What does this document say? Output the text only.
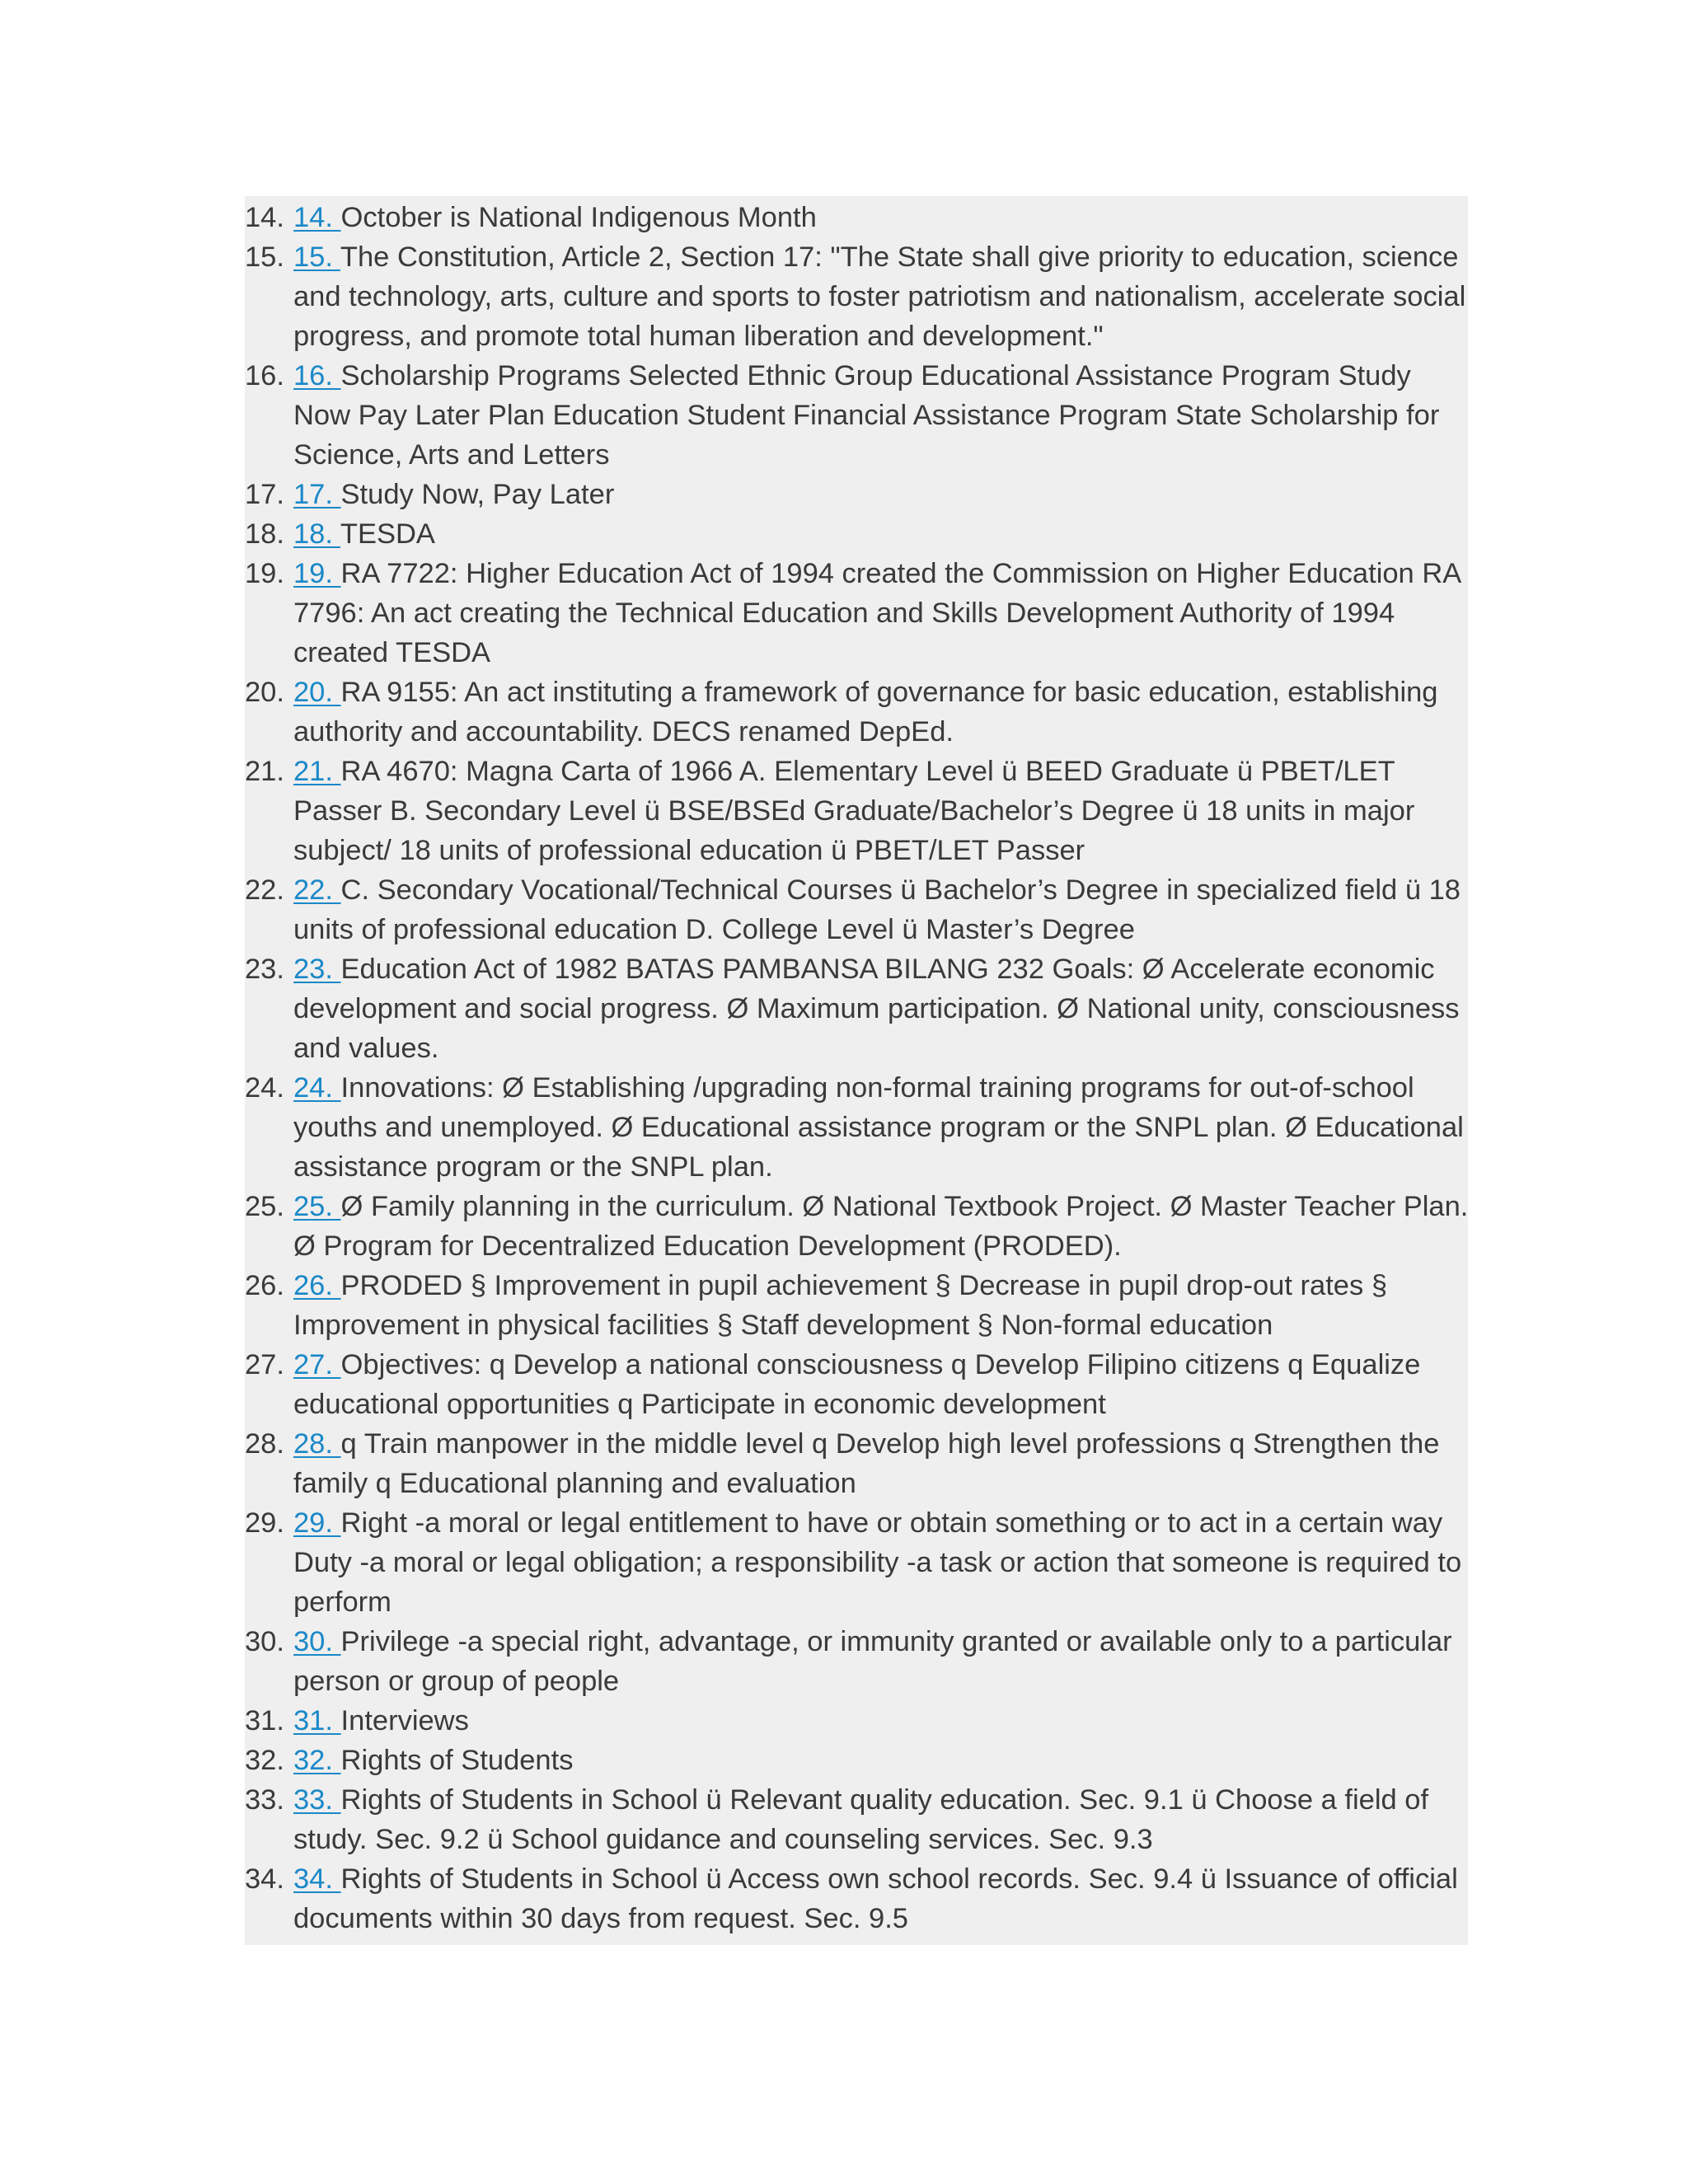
14. 14. October is National Indigenous Month
15. 15. The Constitution, Article 2, Section 17: "The State shall give priority to education, science and technology, arts, culture and sports to foster patriotism and nationalism, accelerate social progress, and promote total human liberation and development."
16. 16. Scholarship Programs Selected Ethnic Group Educational Assistance Program Study Now Pay Later Plan Education Student Financial Assistance Program State Scholarship for Science, Arts and Letters
17. 17. Study Now, Pay Later
18. 18. TESDA
19. 19. RA 7722: Higher Education Act of 1994 created the Commission on Higher Education RA 7796: An act creating the Technical Education and Skills Development Authority of 1994 created TESDA
20. 20. RA 9155: An act instituting a framework of governance for basic education, establishing authority and accountability. DECS renamed DepEd.
21. 21. RA 4670: Magna Carta of 1966 A. Elementary Level ü BEED Graduate ü PBET/LET Passer B. Secondary Level ü BSE/BSEd Graduate/Bachelor’s Degree ü 18 units in major subject/ 18 units of professional education ü PBET/LET Passer
22. 22. C. Secondary Vocational/Technical Courses ü Bachelor’s Degree in specialized field ü 18 units of professional education D. College Level ü Master’s Degree
23. 23. Education Act of 1982 BATAS PAMBANSA BILANG 232 Goals: Ø Accelerate economic development and social progress. Ø Maximum participation. Ø National unity, consciousness and values.
24. 24. Innovations: Ø Establishing /upgrading non-formal training programs for out-of-school youths and unemployed. Ø Educational assistance program or the SNPL plan. Ø Educational assistance program or the SNPL plan.
25. 25. Ø Family planning in the curriculum. Ø National Textbook Project. Ø Master Teacher Plan. Ø Program for Decentralized Education Development (PRODED).
26. 26. PRODED § Improvement in pupil achievement § Decrease in pupil drop-out rates § Improvement in physical facilities § Staff development § Non-formal education
27. 27. Objectives: q Develop a national consciousness q Develop Filipino citizens q Equalize educational opportunities q Participate in economic development
28. 28. q Train manpower in the middle level q Develop high level professions q Strengthen the family q Educational planning and evaluation
29. 29. Right -a moral or legal entitlement to have or obtain something or to act in a certain way Duty -a moral or legal obligation; a responsibility -a task or action that someone is required to perform
30. 30. Privilege -a special right, advantage, or immunity granted or available only to a particular person or group of people
31. 31. Interviews
32. 32. Rights of Students
33. 33. Rights of Students in School ü Relevant quality education. Sec. 9.1 ü Choose a field of study. Sec. 9.2 ü School guidance and counseling services. Sec. 9.3
34. 34. Rights of Students in School ü Access own school records. Sec. 9.4 ü Issuance of official documents within 30 days from request. Sec. 9.5
